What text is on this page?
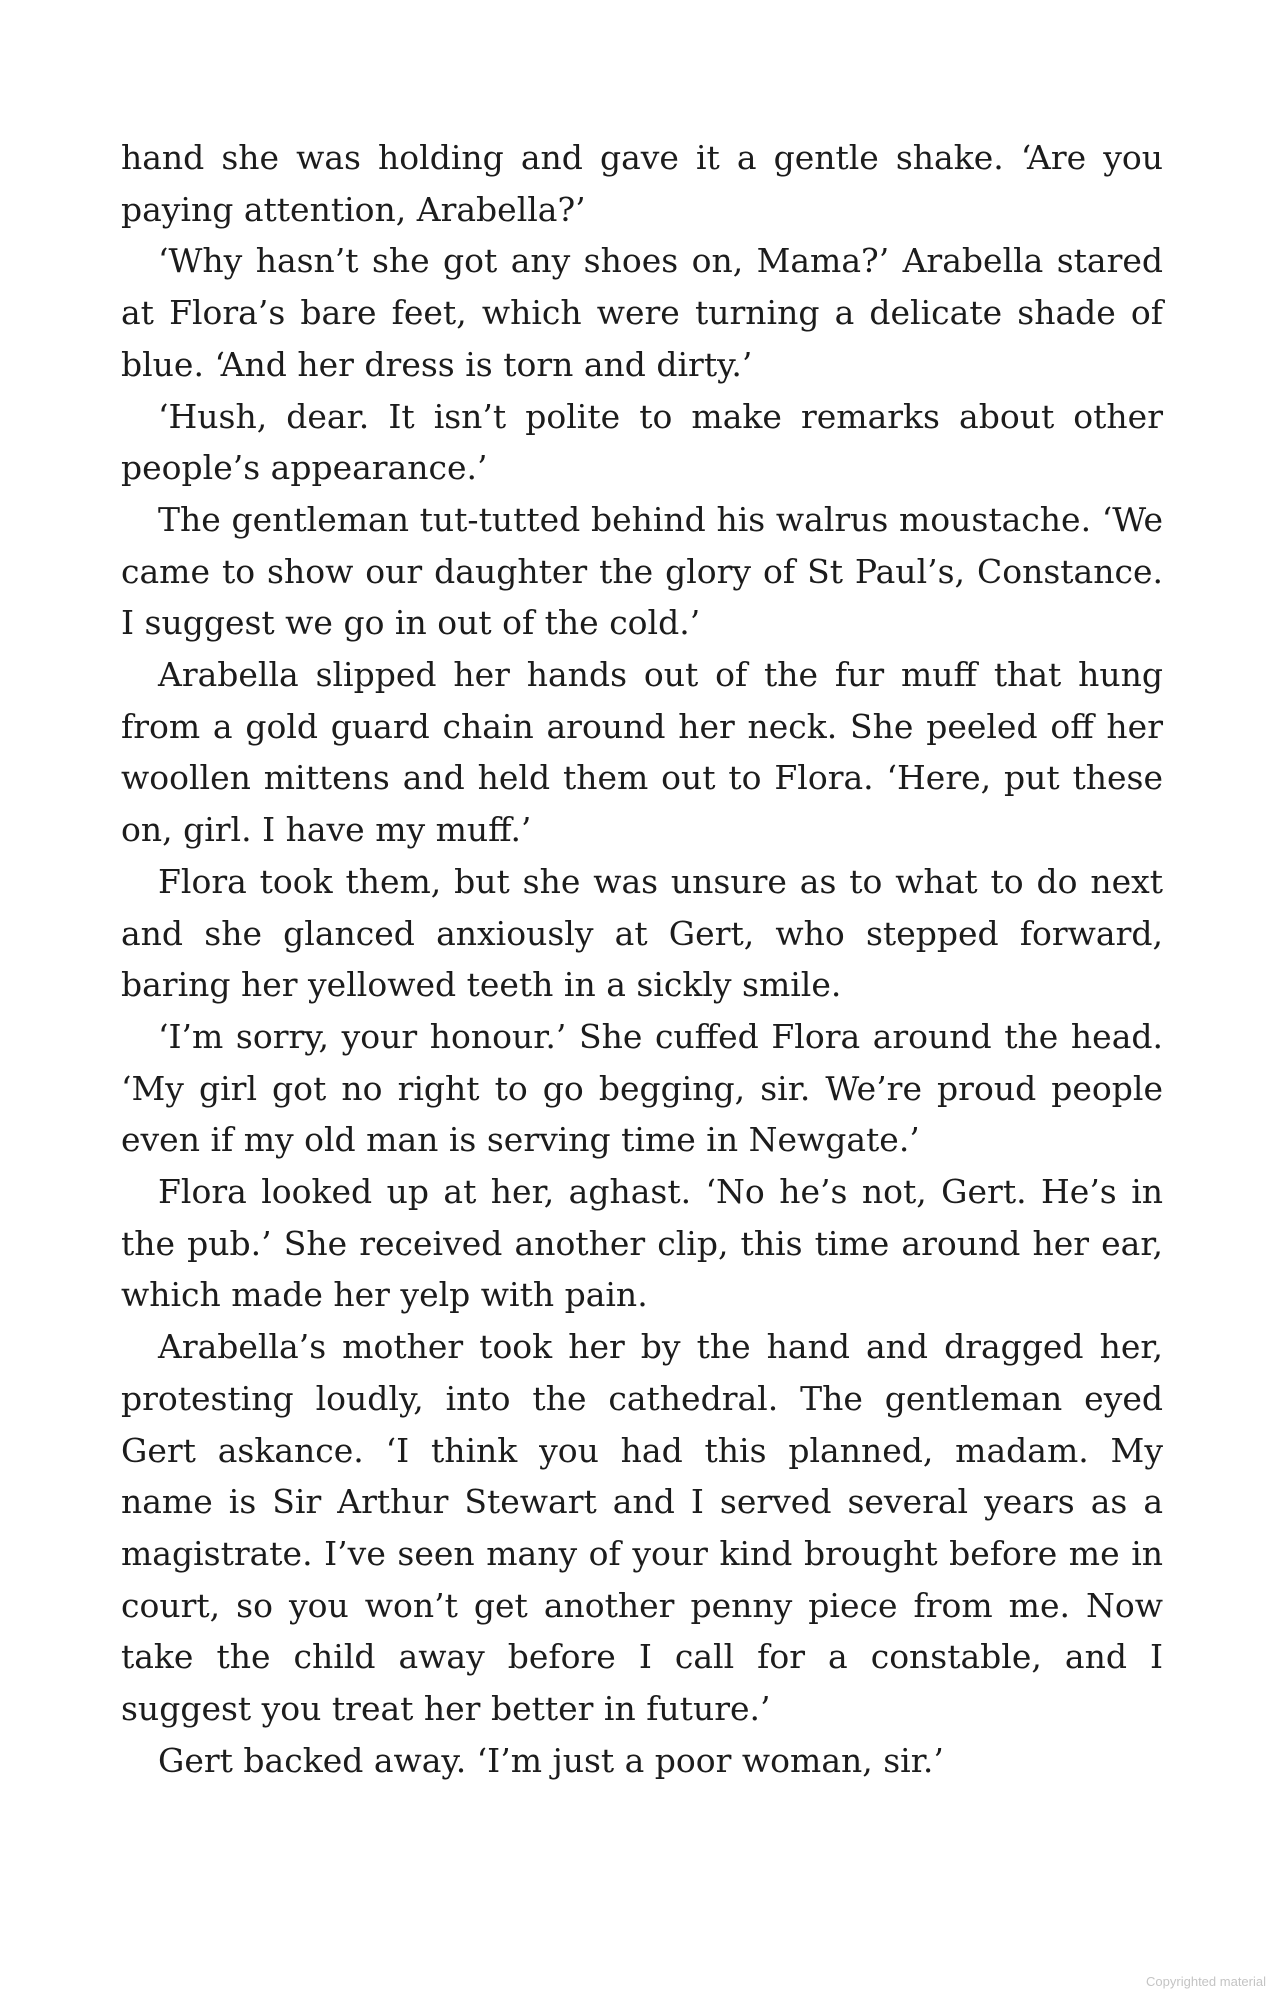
hand she was holding and gave it a gentle shake. ‘Are you paying attention, Arabella?’

‘Why hasn’t she got any shoes on, Mama?’ Arabella stared at Flora’s bare feet, which were turning a delicate shade of blue. ‘And her dress is torn and dirty.’

‘Hush, dear. It isn’t polite to make remarks about other people’s appearance.’

The gentleman tut-tutted behind his walrus moustache. ‘We came to show our daughter the glory of St Paul’s, Constance. I suggest we go in out of the cold.’

Arabella slipped her hands out of the fur muff that hung from a gold guard chain around her neck. She peeled off her woollen mittens and held them out to Flora. ‘Here, put these on, girl. I have my muff.’

Flora took them, but she was unsure as to what to do next and she glanced anxiously at Gert, who stepped forward, baring her yellowed teeth in a sickly smile.

‘I’m sorry, your honour.’ She cuffed Flora around the head. ‘My girl got no right to go begging, sir. We’re proud people even if my old man is serving time in Newgate.’

Flora looked up at her, aghast. ‘No he’s not, Gert. He’s in the pub.’ She received another clip, this time around her ear, which made her yelp with pain.

Arabella’s mother took her by the hand and dragged her, protesting loudly, into the cathedral. The gentleman eyed Gert askance. ‘I think you had this planned, madam. My name is Sir Arthur Stewart and I served several years as a magistrate. I’ve seen many of your kind brought before me in court, so you won’t get another penny piece from me. Now take the child away before I call for a constable, and I suggest you treat her better in future.’

Gert backed away. ‘I’m just a poor woman, sir.’

Copyrighted material
